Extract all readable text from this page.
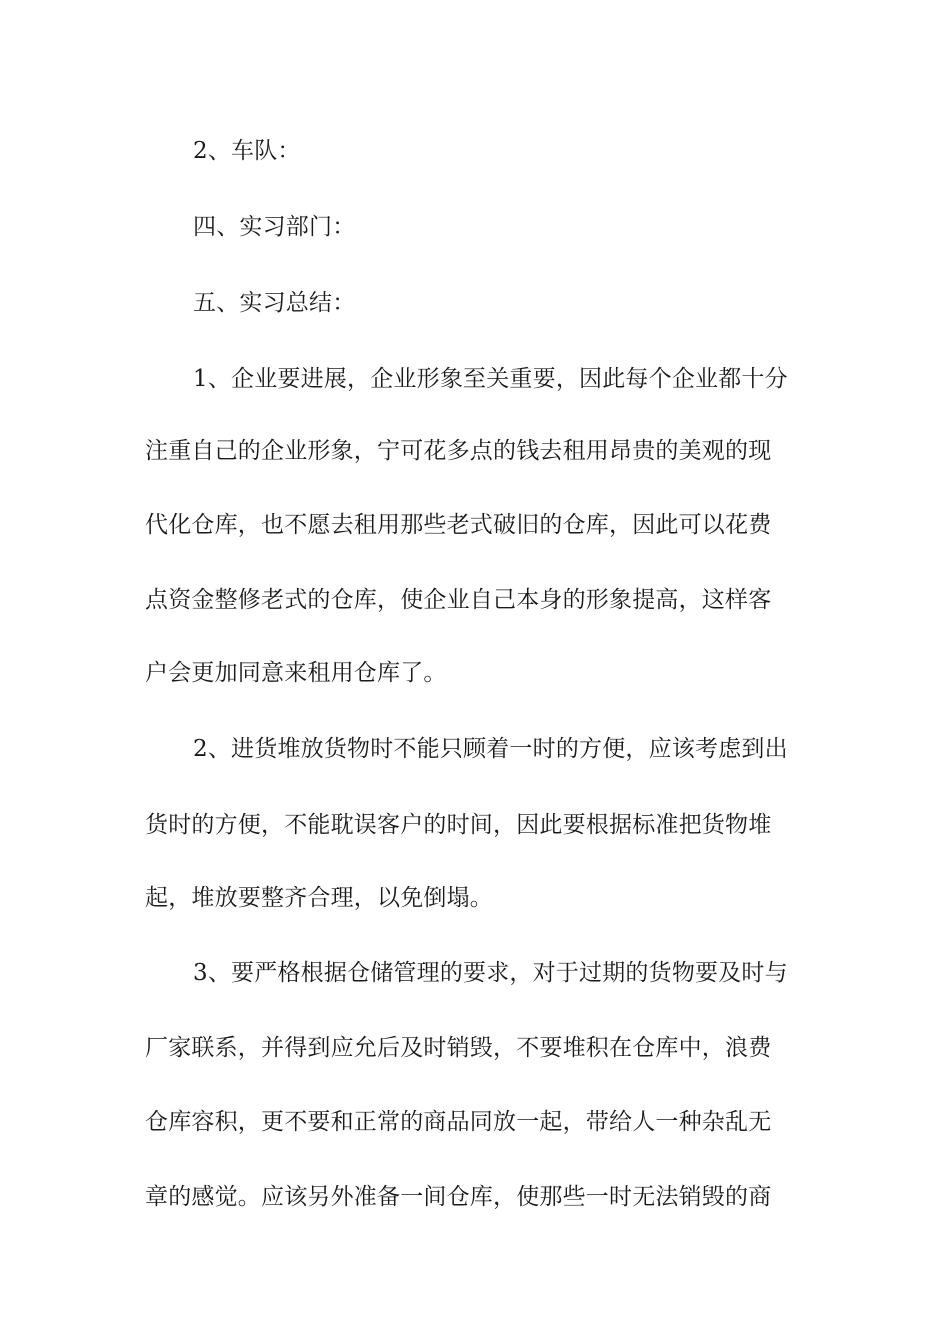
2、车队：
四、实习部门：
五、实习总结：
1、企业要进展，企业形象至关重要，因此每个企业都十分
注重自己的企业形象，宁可花多点的钱去租用昂贵的美观的现
代化仓库，也不愿去租用那些老式破旧的仓库，因此可以花费
点资金整修老式的仓库，使企业自己本身的形象提高，这样客
户会更加同意来租用仓库了。
2、进货堆放货物时不能只顾着一时的方便，应该考虑到出
货时的方便，不能耽误客户的时间，因此要根据标准把货物堆
起，堆放要整齐合理，以免倒塌。
3、要严格根据仓储管理的要求，对于过期的货物要及时与
厂家联系，并得到应允后及时销毁，不要堆积在仓库中，浪费
仓库容积，更不要和正常的商品同放一起，带给人一种杂乱无
章的感觉。应该另外准备一间仓库，使那些一时无法销毁的商
